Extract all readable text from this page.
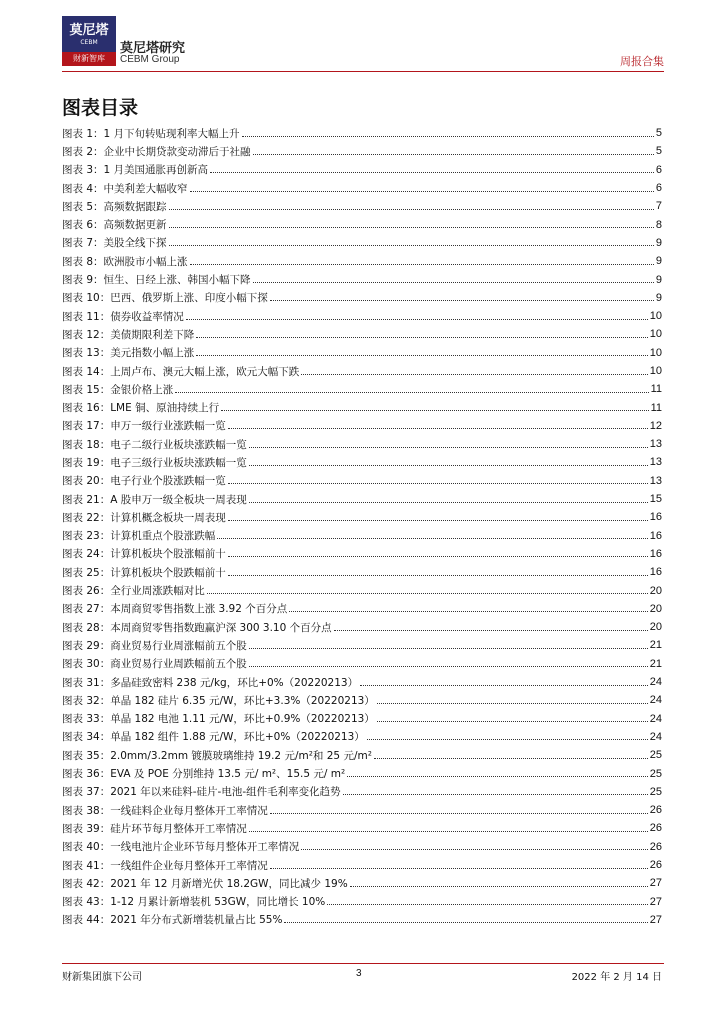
莫尼塔
CEBM
财新智库
莫尼塔研究
CEBM Group	周报合集
图表目录
图表 1：1 月下旬转贴现利率大幅上升	5
图表 2：企业中长期贷款变动滞后于社融	5
图表 3：1 月美国通胀再创新高	6
图表 4：中美利差大幅收窄	6
图表 5：高频数据跟踪	7
图表 6：高频数据更新	8
图表 7：美股全线下探	9
图表 8：欧洲股市小幅上涨	9
图表 9：恒生、日经上涨、韩国小幅下降	9
图表 10：巴西、俄罗斯上涨、印度小幅下探	9
图表 11：债券收益率情况	10
图表 12：美债期限利差下降	10
图表 13：美元指数小幅上涨	10
图表 14：上周卢布、澳元大幅上涨，欧元大幅下跌	10
图表 15：金银价格上涨	11
图表 16：LME 铜、原油持续上行	11
图表 17：申万一级行业涨跌幅一览	12
图表 18：电子二级行业板块涨跌幅一览	13
图表 19：电子三级行业板块涨跌幅一览	13
图表 20：电子行业个股涨跌幅一览	13
图表 21：A 股申万一级全板块一周表现	15
图表 22：计算机概念板块一周表现	16
图表 23：计算机重点个股涨跌幅	16
图表 24：计算机板块个股涨幅前十	16
图表 25：计算机板块个股跌幅前十	16
图表 26：全行业周涨跌幅对比	20
图表 27：本周商贸零售指数上涨 3.92 个百分点	20
图表 28：本周商贸零售指数跑赢沪深 300 3.10 个百分点	20
图表 29：商业贸易行业周涨幅前五个股	21
图表 30：商业贸易行业周跌幅前五个股	21
图表 31：多晶硅致密料 238 元/kg，环比+0%（20220213）	24
图表 32：单晶 182 硅片 6.35 元/W，环比+3.3%（20220213）	24
图表 33：单晶 182 电池 1.11 元/W，环比+0.9%（20220213）	24
图表 34：单晶 182 组件 1.88 元/W，环比+0%（20220213）	24
图表 35：2.0mm/3.2mm 镀膜玻璃维持 19.2 元/m²和 25 元/m²	25
图表 36：EVA 及 POE 分别维持 13.5 元/ m²、15.5 元/ m²	25
图表 37：2021 年以来硅料-硅片-电池-组件毛利率变化趋势	25
图表 38：一线硅料企业每月整体开工率情况	26
图表 39：硅片环节每月整体开工率情况	26
图表 40：一线电池片企业环节每月整体开工率情况	26
图表 41：一线组件企业每月整体开工率情况	26
图表 42：2021 年 12 月新增光伏 18.2GW，同比减少 19%	27
图表 43：1-12 月累计新增装机 53GW，同比增长 10%	27
图表 44：2021 年分布式新增装机量占比 55%	27
财新集团旗下公司	3	2022 年 2 月 14 日
